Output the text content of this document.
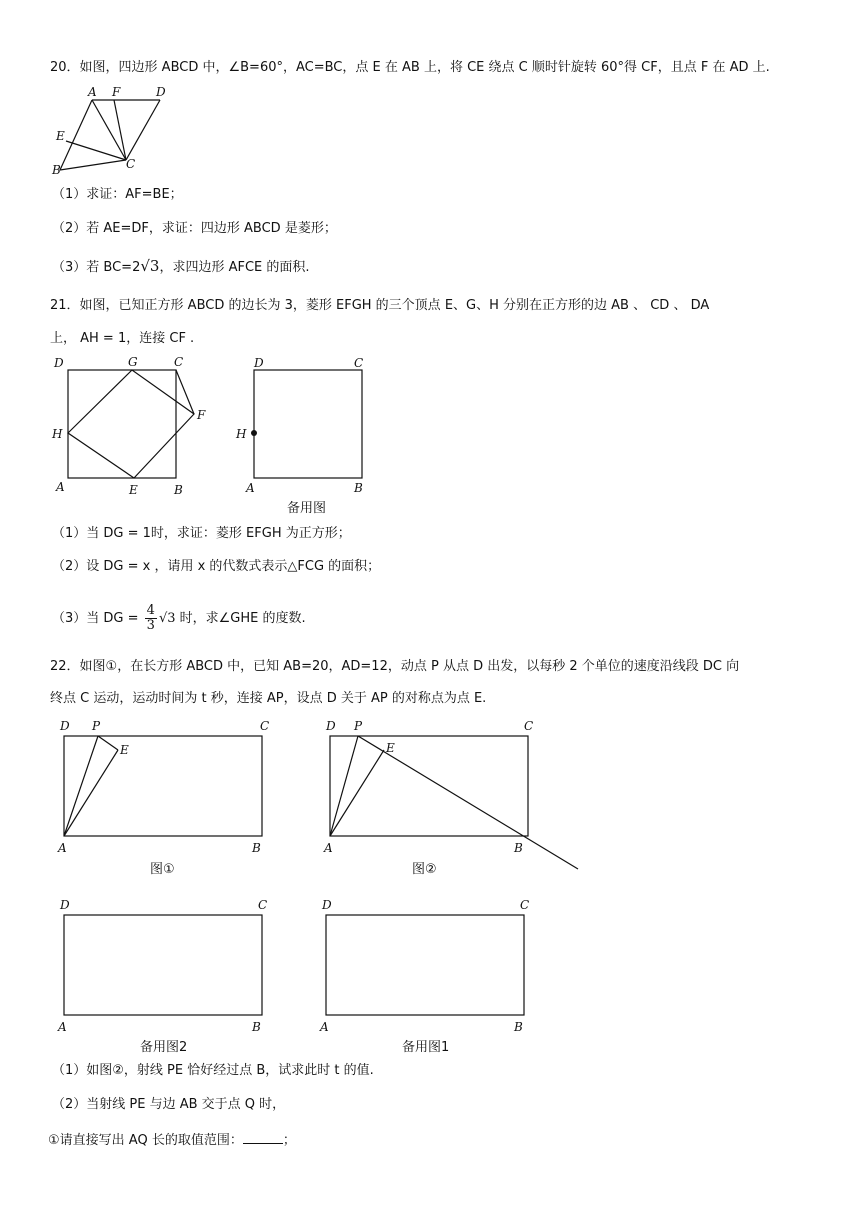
20．如图，四边形 ABCD 中，∠B=60°，AC=BC，点 E 在 AB 上，将 CE 绕点 C 顺时针旋转 60°得 CF，且点 F 在 AD 上.
A F	D
E
B	C
（1）求证：AF=BE；
（2）若 AE=DF，求证：四边形 ABCD 是菱形；
（3）若 BC=2√3，求四边形 AFCE 的面积.
21．如图，已知正方形 ABCD 的边长为 3，菱形 EFGH 的三个顶点 E、G、H 分别在正方形的边 AB 、 CD 、 DA
上， AH = 1，连接 CF .
D	G	C
H
F
A	E	B
D	C
H
A	B
备用图
（1）当 DG = 1时，求证：菱形 EFGH 为正方形；
（2）设 DG = x ，请用 x 的代数式表示△FCG 的面积；
（3）当 DG = $\frac{4}{3} √3$ 时，求∠GHE 的度数.
22．如图①，在长方形 ABCD 中，已知 AB=20，AD=12，动点 P 从点 D 出发，以每秒 2 个单位的速度沿线段 DC 向
终点 C 运动，运动时间为 t 秒，连接 AP，设点 D 关于 AP 的对称点为点 E.
D P
E
C
A	B
图①
D P
E
C
A	B
图②
D	C
A	B
备用图2
D	C
A	B
备用图1
（1）如图②，射线 PE 恰好经过点 B，试求此时 t 的值.
（2）当射线 PE 与边 AB 交于点 Q 时，
①请直接写出 AQ 长的取值范围：	；
